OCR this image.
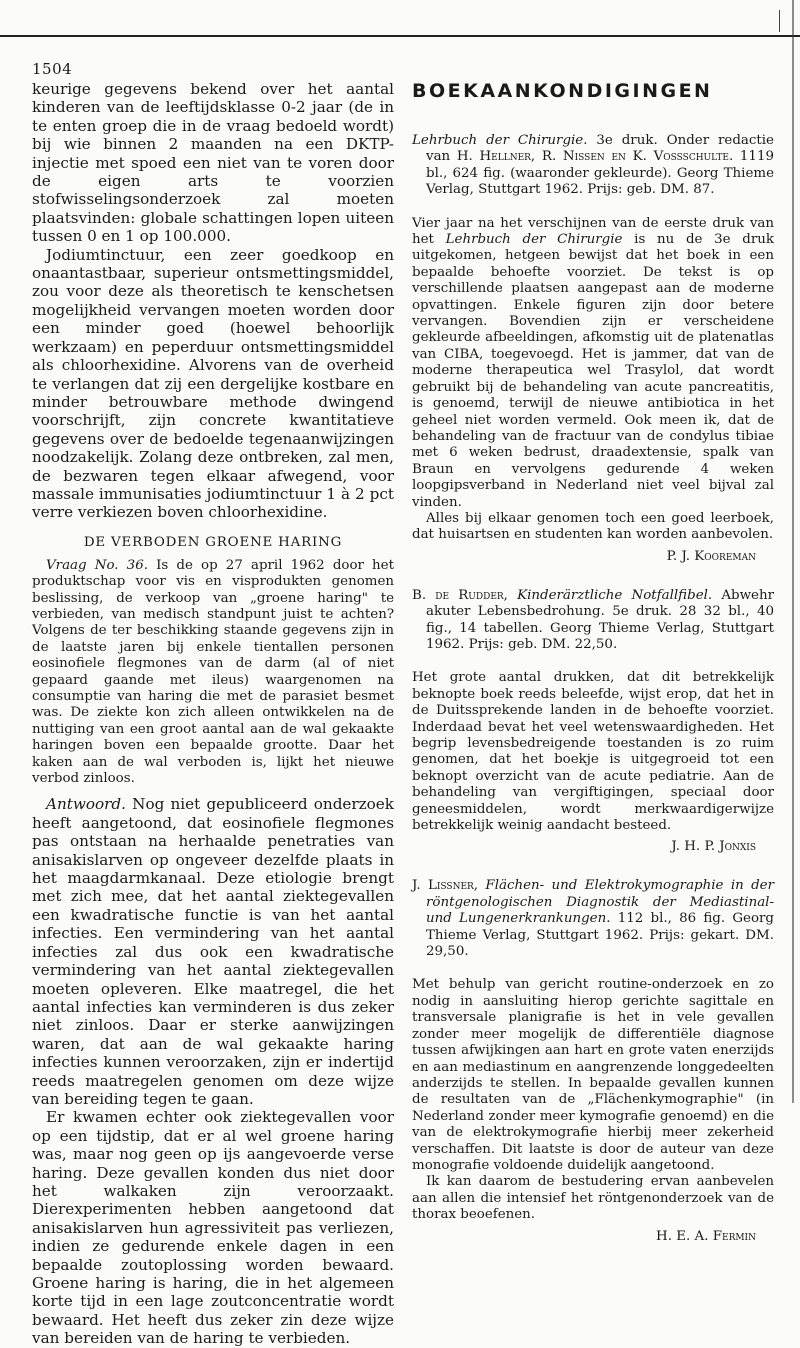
1504

keurige gegevens bekend over het aantal kinderen van de leeftijdsklasse 0-2 jaar (de in te enten groep die in de vraag bedoeld wordt) bij wie binnen 2 maanden na een DKTP-injectie met spoed een niet van te voren door de eigen arts te voorzien stofwisselingsonderzoek zal moeten plaatsvinden: globale schattingen lopen uiteen tussen 0 en 1 op 100.000.

Jodiumtinctuur, een zeer goedkoop en onaantastbaar, superieur ontsmettingsmiddel, zou voor deze als theoretisch te kenschetsen mogelijkheid vervangen moeten worden door een minder goed (hoewel behoorlijk werkzaam) en peperduur ontsmettingsmiddel als chloorhexidine. Alvorens van de overheid te verlangen dat zij een dergelijke kostbare en minder betrouwbare methode dwingend voorschrijft, zijn concrete kwantitatieve gegevens over de bedoelde tegenaanwijzingen noodzakelijk. Zolang deze ontbreken, zal men, de bezwaren tegen elkaar afwegend, voor massale immunisaties jodiumtinctuur 1 à 2 pct verre verkiezen boven chloorhexidine.

DE VERBODEN GROENE HARING

Vraag No. 36. Is de op 27 april 1962 door het produktschap voor vis en visprodukten genomen beslissing, de verkoop van „groene haring" te verbieden, van medisch standpunt juist te achten? Volgens de ter beschikking staande gegevens zijn in de laatste jaren bij enkele tientallen personen eosinofiele flegmones van de darm (al of niet gepaard gaande met ileus) waargenomen na consumptie van haring die met de parasiet besmet was. De ziekte kon zich alleen ontwikkelen na de nuttiging van een groot aantal aan de wal gekaakte haringen boven een bepaalde grootte. Daar het kaken aan de wal verboden is, lijkt het nieuwe verbod zinloos.

Antwoord. Nog niet gepubliceerd onderzoek heeft aangetoond, dat eosinofiele flegmones pas ontstaan na herhaalde penetraties van anisakislarven op ongeveer dezelfde plaats in het maagdarmkanaal. Deze etiologie brengt met zich mee, dat het aantal ziektegevallen een kwadratische functie is van het aantal infecties. Een vermindering van het aantal infecties zal dus ook een kwadratische vermindering van het aantal ziektegevallen moeten opleveren. Elke maatregel, die het aantal infecties kan verminderen is dus zeker niet zinloos. Daar er sterke aanwijzingen waren, dat aan de wal gekaakte haring infecties kunnen veroorzaken, zijn er indertijd reeds maatregelen genomen om deze wijze van bereiding tegen te gaan.

Er kwamen echter ook ziektegevallen voor op een tijdstip, dat er al wel groene haring was, maar nog geen op ijs aangevoerde verse haring. Deze gevallen konden dus niet door het walkaken zijn veroorzaakt. Dierexperimenten hebben aangetoond dat anisakislarven hun agressiviteit pas verliezen, indien ze gedurende enkele dagen in een bepaalde zoutoplossing worden bewaard. Groene haring is haring, die in het algemeen korte tijd in een lage zoutconcentratie wordt bewaard. Het heeft dus zeker zin deze wijze van bereiden van de haring te verbieden.

BOEKAANKONDIGINGEN

Lehrbuch der Chirurgie. 3e druk. Onder redactie van H. Hellner, R. Nissen en K. Vossschulte. 1119 bl., 624 fig. (waaronder gekleurde). Georg Thieme Verlag, Stuttgart 1962. Prijs: geb. DM. 87.

Vier jaar na het verschijnen van de eerste druk van het Lehrbuch der Chirurgie is nu de 3e druk uitgekomen, hetgeen bewijst dat het boek in een bepaalde behoefte voorziet. De tekst is op verschillende plaatsen aangepast aan de moderne opvattingen. Enkele figuren zijn door betere vervangen. Bovendien zijn er verscheidene gekleurde afbeeldingen, afkomstig uit de platenatlas van CIBA, toegevoegd. Het is jammer, dat van de moderne therapeutica wel Trasylol, dat wordt gebruikt bij de behandeling van acute pancreatitis, is genoemd, terwijl de nieuwe antibiotica in het geheel niet worden vermeld. Ook meen ik, dat de behandeling van de fractuur van de condylus tibiae met 6 weken bedrust, draadextensie, spalk van Braun en vervolgens gedurende 4 weken loopgipsverband in Nederland niet veel bijval zal vinden.

Alles bij elkaar genomen toch een goed leerboek, dat huisartsen en studenten kan worden aanbevolen.

P. J. Kooreman

B. de Rudder, Kinderärztliche Notfallfibel. Abwehr akuter Lebensbedrohung. 5e druk. 28 32 bl., 40 fig., 14 tabellen. Georg Thieme Verlag, Stuttgart 1962. Prijs: geb. DM. 22,50.

Het grote aantal drukken, dat dit betrekkelijk beknopte boek reeds beleefde, wijst erop, dat het in de Duitssprekende landen in de behoefte voorziet. Inderdaad bevat het veel wetenswaardigheden. Het begrip levensbedreigende toestanden is zo ruim genomen, dat het boekje is uitgegroeid tot een beknopt overzicht van de acute pediatrie. Aan de behandeling van vergiftigingen, speciaal door geneesmiddelen, wordt merkwaardigerwijze betrekkelijk weinig aandacht besteed.

J. H. P. Jonxis

J. Lissner, Flächen- und Elektrokymographie in der röntgenologischen Diagnostik der Mediastinal- und Lungenerkrankungen. 112 bl., 86 fig. Georg Thieme Verlag, Stuttgart 1962. Prijs: gekart. DM. 29,50.

Met behulp van gericht routine-onderzoek en zo nodig in aansluiting hierop gerichte sagittale en transversale planigrafie is het in vele gevallen zonder meer mogelijk de differentiële diagnose tussen afwijkingen aan hart en grote vaten enerzijds en aan mediastinum en aangrenzende longgedeelten anderzijds te stellen. In bepaalde gevallen kunnen de resultaten van de „Flächenkymographie" (in Nederland zonder meer kymografie genoemd) en die van de elektrokymografie hierbij meer zekerheid verschaffen. Dit laatste is door de auteur van deze monografie voldoende duidelijk aangetoond.

Ik kan daarom de bestudering ervan aanbevelen aan allen die intensief het röntgenonderzoek van de thorax beoefenen.

H. E. A. Fermin
